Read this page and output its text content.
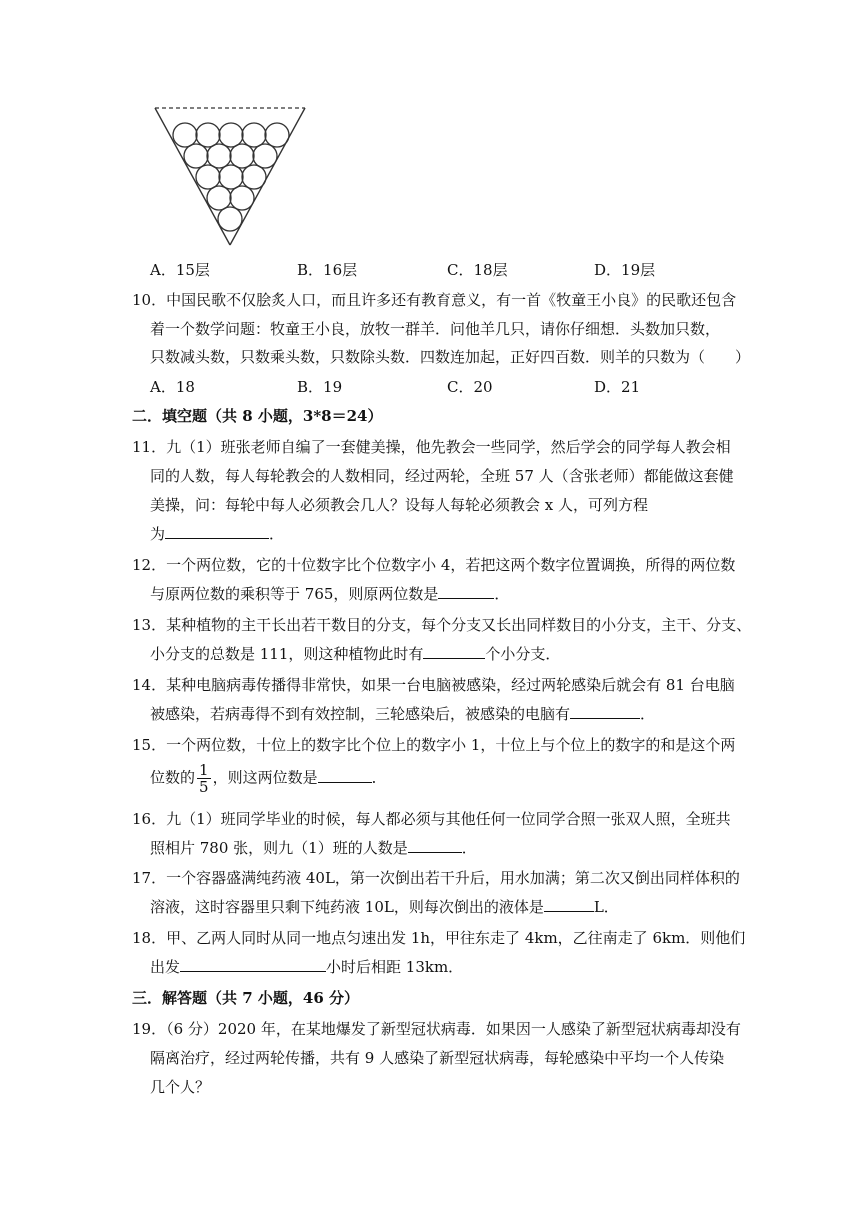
A．15层	B．16层	C．18层	D．19层
10．中国民歌不仅脍炙人口，而且许多还有教育意义，有一首《牧童王小良》的民歌还包含
着一个数学问题：牧童王小良，放牧一群羊．问他羊几只，请你仔细想．头数加只数，
只数减头数，只数乘头数，只数除头数．四数连加起，正好四百数．则羊的只数为（　　）
A．18	B．19	C．20	D．21
二．填空题（共 8 小题，3*8＝24）
11．九（1）班张老师自编了一套健美操，他先教会一些同学，然后学会的同学每人教会相
同的人数，每人每轮教会的人数相同，经过两轮，全班 57 人（含张老师）都能做这套健
美操，问：每轮中每人必须教会几人？设每人每轮必须教会 x 人，可列方程
为	．
12．一个两位数，它的十位数字比个位数字小 4，若把这两个数字位置调换，所得的两位数
与原两位数的乘积等于 765，则原两位数是	．
13．某种植物的主干长出若干数目的分支，每个分支又长出同样数目的小分支，主干、分支、
小分支的总数是 111，则这种植物此时有	个小分支．
14．某种电脑病毒传播得非常快，如果一台电脑被感染，经过两轮感染后就会有 81 台电脑
被感染，若病毒得不到有效控制，三轮感染后，被感染的电脑有	．
15．一个两位数，十位上的数字比个位上的数字小 1，十位上与个位上的数字的和是这个两
位数的 $\frac{1}{5}$ ，则这两位数是	．
16．九（1）班同学毕业的时候，每人都必须与其他任何一位同学合照一张双人照，全班共
照相片 780 张，则九（1）班的人数是	．
17．一个容器盛满纯药液 40L，第一次倒出若干升后，用水加满；第二次又倒出同样体积的
溶液，这时容器里只剩下纯药液 10L，则每次倒出的液体是	L．
18．甲、乙两人同时从同一地点匀速出发 1h，甲往东走了 4km，乙往南走了 6km．则他们
出发	小时后相距 13km．
三．解答题（共 7 小题，46 分）
19．（6 分）2020 年，在某地爆发了新型冠状病毒．如果因一人感染了新型冠状病毒却没有
隔离治疗，经过两轮传播，共有 9 人感染了新型冠状病毒，每轮感染中平均一个人传染
几个人？
